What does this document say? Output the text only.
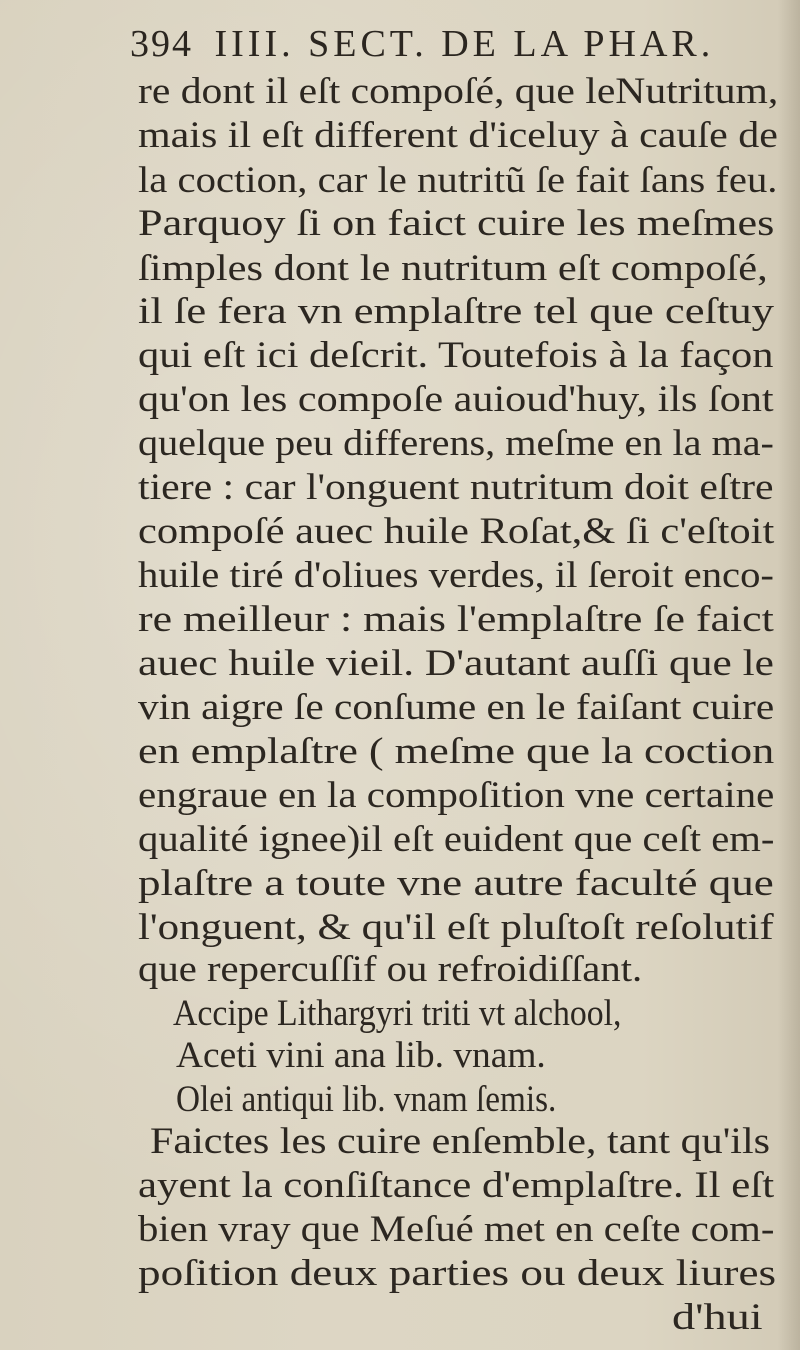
394 IIII. SECT. DE LA PHAR.
re dont il eſt compoſé, que leNutritum,
mais il eſt different d'iceluy à cauſe de
la coction, car le nutritũ ſe fait ſans feu.
Parquoy ſi on faict cuire les meſmes
ſimples dont le nutritum eſt compoſé,
il ſe fera vn emplaſtre tel que ceſtuy
qui eſt ici deſcrit. Toutefois à la façon
qu'on les compoſe auioud'huy, ils ſont
quelque peu differens, meſme en la ma-
tiere : car l'onguent nutritum doit eſtre
compoſé auec huile Roſat,& ſi c'eſtoit
huile tiré d'oliues verdes, il ſeroit enco-
re meilleur : mais l'emplaſtre ſe faict
auec huile vieil. D'autant auſſi que le
vin aigre ſe conſume en le faiſant cuire
en emplaſtre ( meſme que la coction
engraue en la compoſition vne certaine
qualité ignee)il eſt euident que ceſt em-
plaſtre a toute vne autre faculté que
l'onguent, & qu'il eſt pluſtoſt reſolutif
que repercuſſif ou refroidiſſant.
Accipe Lithargyri triti vt alchool,
Aceti vini ana lib. vnam.
Olei antiqui lib. vnam ſemis.
Faictes les cuire enſemble, tant qu'ils
ayent la conſiſtance d'emplaſtre. Il eſt
bien vray que Meſué met en ceſte com-
poſition deux parties ou deux liures
d'hui
